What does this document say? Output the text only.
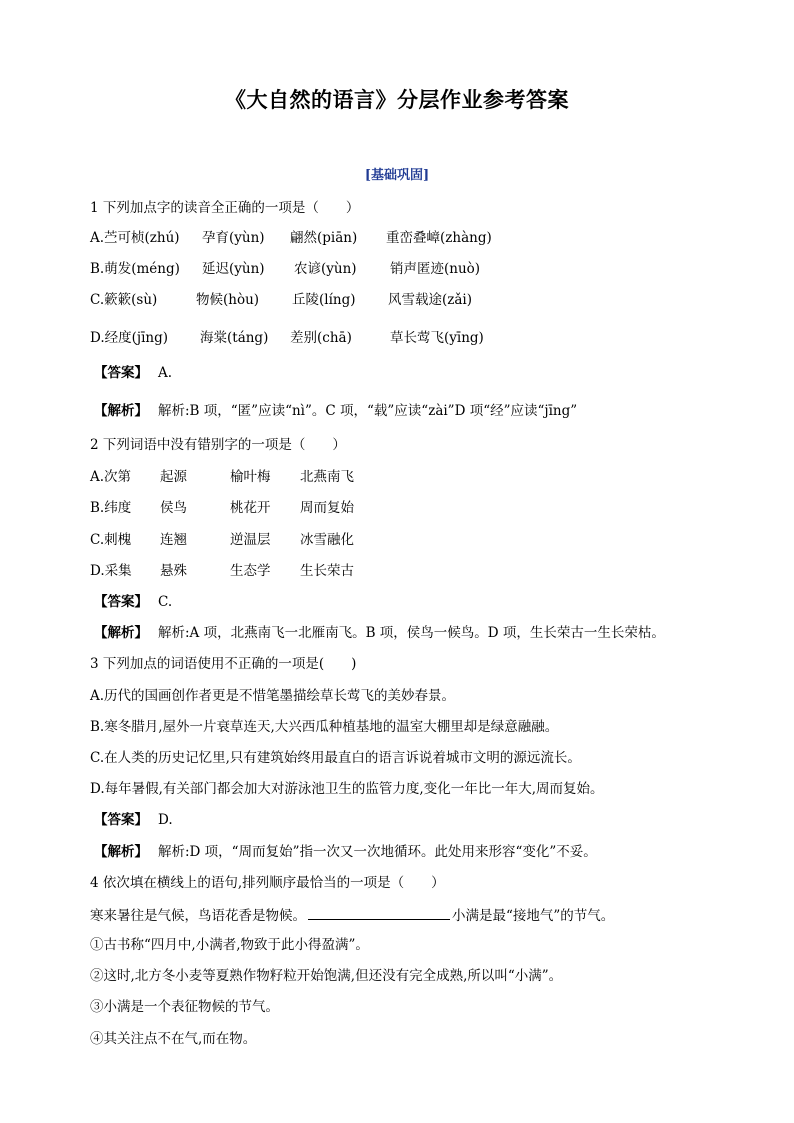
《大自然的语言》分层作业参考答案
[基础巩固]
1 下列加点字的读音全正确的一项是（　　）
A.苎可桢(zhú) 孕育(yùn) 翩然(piān) 重峦叠嶂(zhàng)
B.萌发(méng) 延迟(yùn) 农谚(yùn) 销声匿迹(nuò)
C.簌簌(sù)	物候(hòu) 丘陵(líng) 风雪载途(zǎi)
D.经度(jīng) 海棠(táng) 差别(chā)	草长莺飞(yīng)
【答案】 A.
【解析】 解析:B 项，“匿”应读“nì”。C 项，“载”应读“zài”D 项“经”应读“jīng”
2 下列词语中没有错别字的一项是（　　）
A.次第 起源	榆叶梅 北燕南飞
B.纬度 侯鸟	桃花开 周而复始
C.刺槐 连翘	逆温层 冰雪融化
D.采集 悬殊	生态学 生长荣古
【答案】 C.
【解析】 解析:A 项，北燕南飞一北雁南飞。B 项，侯鸟一候鸟。D 项，生长荣古一生长荣枯。
3 下列加点的词语使用不正确的一项是(　　)
A.历代的国画创作者更是不惜笔墨描绘草长莺飞的美妙春景。
B.寒冬腊月,屋外一片衰草连天,大兴西瓜种植基地的温室大棚里却是绿意融融。
C.在人类的历史记忆里,只有建筑始终用最直白的语言诉说着城市文明的源远流长。
D.每年暑假,有关部门都会加大对游泳池卫生的监管力度,变化一年比一年大,周而复始。
【答案】 D.
【解析】 解析:D 项，“周而复始”指一次又一次地循环。此处用来形容“变化”不妥。
4 依次填在横线上的语句,排列顺序最恰当的一项是（　　）
寒来暑往是气候，鸟语花香是物候。	小满是最“接地气”的节气。
①古书称“四月中,小满者,物致于此小得盈满”。
②这时,北方冬小麦等夏熟作物籽粒开始饱满,但还没有完全成熟,所以叫“小满”。
③小满是一个表征物候的节气。
④其关注点不在气,而在物。
